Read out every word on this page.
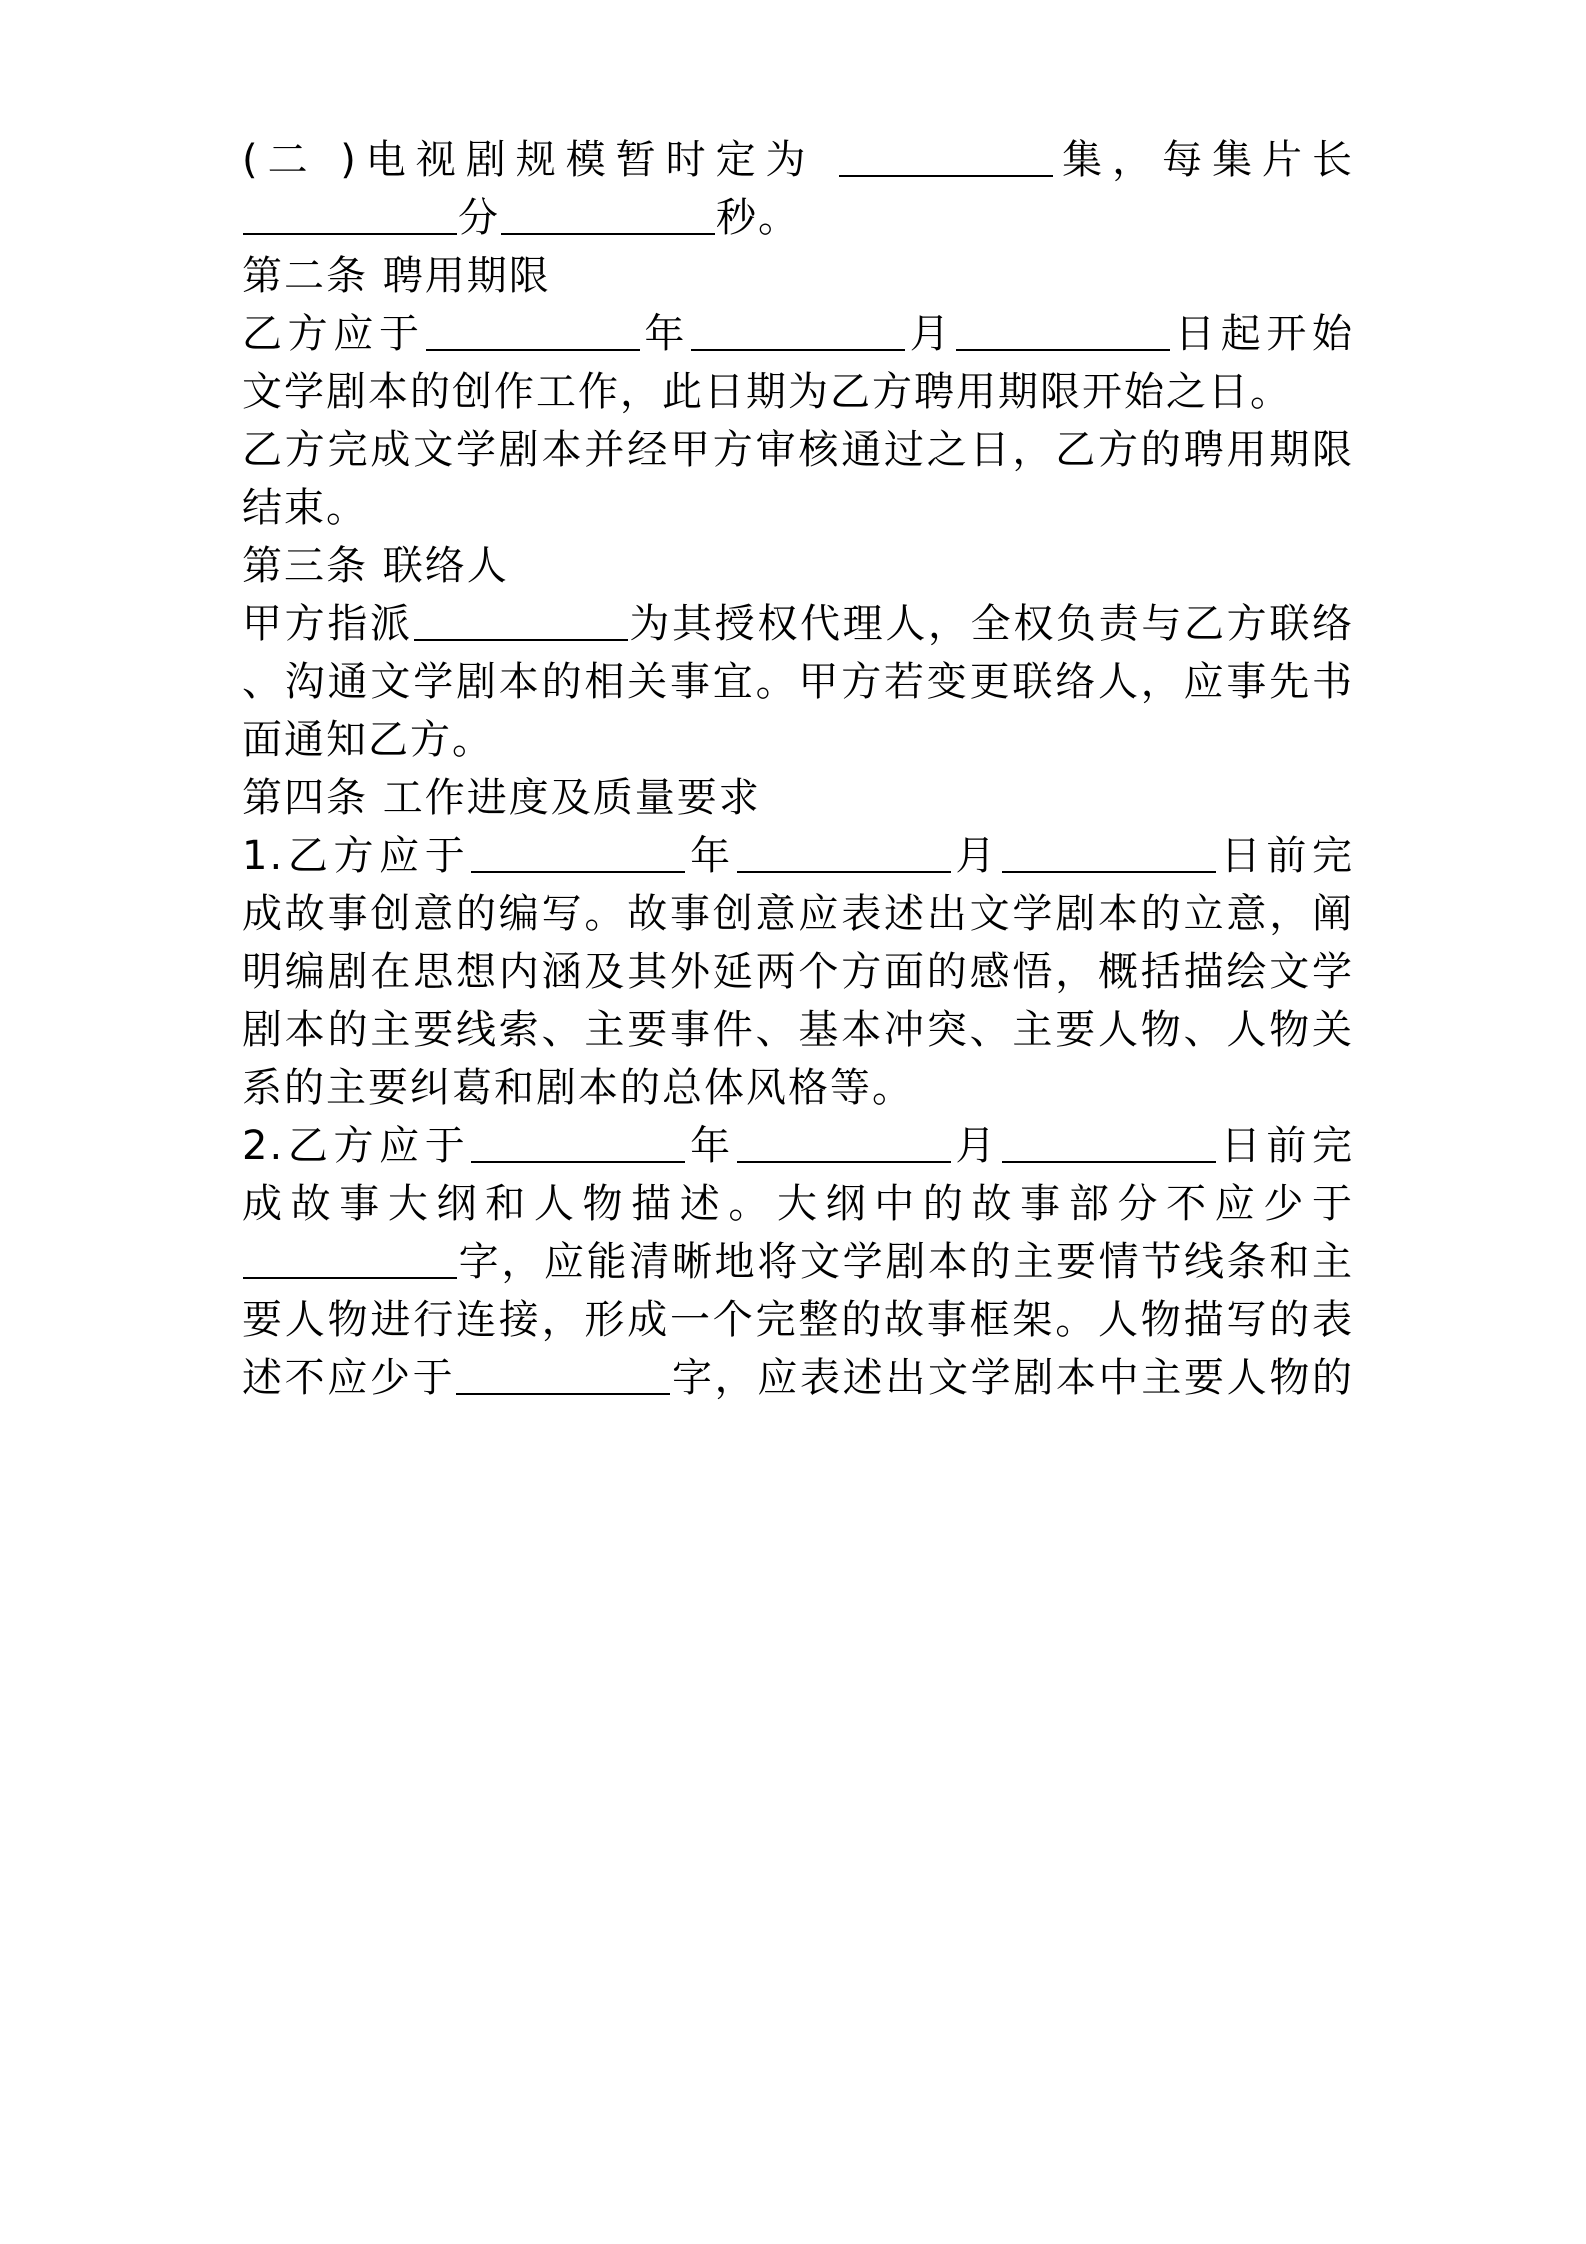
(二 )电视剧规模暂时定为	集，每集片长
分	秒。
第二条 聘用期限
乙方应于	年	月	日起开始
文学剧本的创作工作，此日期为乙方聘用期限开始之日。
乙方完成文学剧本并经甲方审核通过之日，乙方的聘用期限
结束。
第三条 联络人
甲方指派	为其授权代理人，全权负责与乙方联络
、沟通文学剧本的相关事宜。甲方若变更联络人，应事先书
面通知乙方。
第四条 工作进度及质量要求
1.乙方应于	年	月	日前完
成故事创意的编写。故事创意应表述出文学剧本的立意，阐
明编剧在思想内涵及其外延两个方面的感悟，概括描绘文学
剧本的主要线索、主要事件、基本冲突、主要人物、人物关
系的主要纠葛和剧本的总体风格等。
2.乙方应于	年	月	日前完
成故事大纲和人物描述。大纲中的故事部分不应少于
字，应能清晰地将文学剧本的主要情节线条和主
要人物进行连接，形成一个完整的故事框架。人物描写的表
述不应少于	字，应表述出文学剧本中主要人物的
